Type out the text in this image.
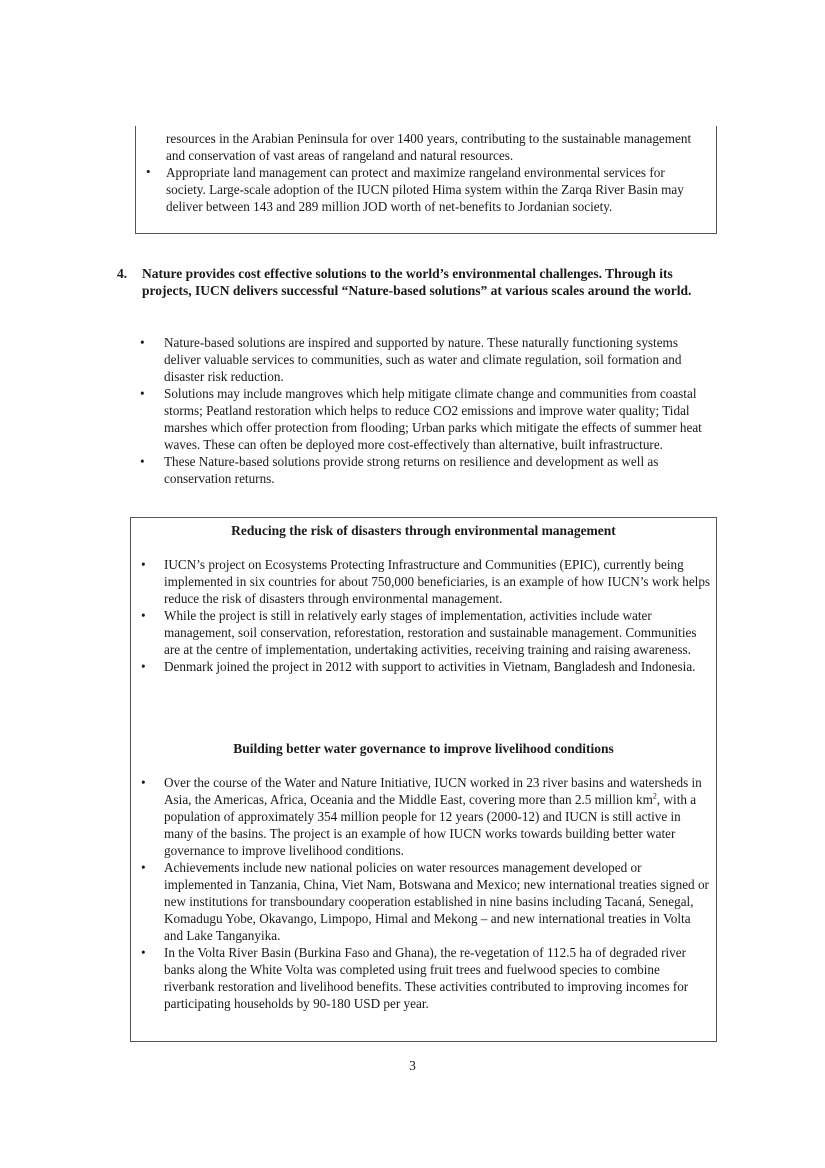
resources in the Arabian Peninsula for over 1400 years, contributing to the sustainable management and conservation of vast areas of rangeland and natural resources.
• Appropriate land management can protect and maximize rangeland environmental services for society. Large-scale adoption of the IUCN piloted Hima system within the Zarqa River Basin may deliver between 143 and 289 million JOD worth of net-benefits to Jordanian society.
4. Nature provides cost effective solutions to the world’s environmental challenges. Through its projects, IUCN delivers successful “Nature-based solutions” at various scales around the world.
• Nature-based solutions are inspired and supported by nature. These naturally functioning systems deliver valuable services to communities, such as water and climate regulation, soil formation and disaster risk reduction.
• Solutions may include mangroves which help mitigate climate change and communities from coastal storms; Peatland restoration which helps to reduce CO2 emissions and improve water quality; Tidal marshes which offer protection from flooding; Urban parks which mitigate the effects of summer heat waves. These can often be deployed more cost-effectively than alternative, built infrastructure.
• These Nature-based solutions provide strong returns on resilience and development as well as conservation returns.
Reducing the risk of disasters through environmental management
• IUCN’s project on Ecosystems Protecting Infrastructure and Communities (EPIC), currently being implemented in six countries for about 750,000 beneficiaries, is an example of how IUCN’s work helps reduce the risk of disasters through environmental management.
• While the project is still in relatively early stages of implementation, activities include water management, soil conservation, reforestation, restoration and sustainable management. Communities are at the centre of implementation, undertaking activities, receiving training and raising awareness.
• Denmark joined the project in 2012 with support to activities in Vietnam, Bangladesh and Indonesia.
Building better water governance to improve livelihood conditions
• Over the course of the Water and Nature Initiative, IUCN worked in 23 river basins and watersheds in Asia, the Americas, Africa, Oceania and the Middle East, covering more than 2.5 million $km^2$, with a population of approximately 354 million people for 12 years (2000-12) and IUCN is still active in many of the basins. The project is an example of how IUCN works towards building better water governance to improve livelihood conditions.
• Achievements include new national policies on water resources management developed or implemented in Tanzania, China, Viet Nam, Botswana and Mexico; new international treaties signed or new institutions for transboundary cooperation established in nine basins including Tacaná, Senegal, Komadugu Yobe, Okavango, Limpopo, Himal and Mekong – and new international treaties in Volta and Lake Tanganyika.
• In the Volta River Basin (Burkina Faso and Ghana), the re-vegetation of 112.5 ha of degraded river banks along the White Volta was completed using fruit trees and fuelwood species to combine riverbank restoration and livelihood benefits. These activities contributed to improving incomes for participating households by 90-180 USD per year.
3
